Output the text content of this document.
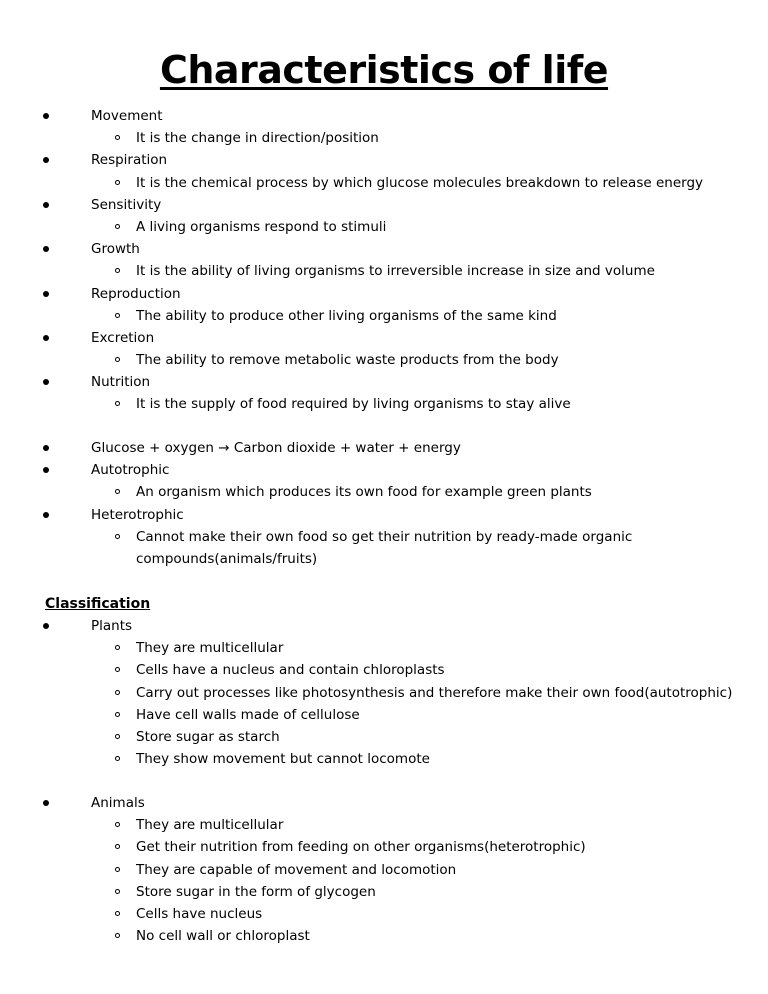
Characteristics of life
Movement
It is the change in direction/position
Respiration
It is the chemical process by which glucose molecules breakdown to release energy
Sensitivity
A living organisms respond to stimuli
Growth
It is the ability of living organisms to irreversible increase in size and volume
Reproduction
The ability to produce other living organisms of the same kind
Excretion
The ability to remove metabolic waste products from the body
Nutrition
It is the supply of food required by living organisms to stay alive
Glucose + oxygen → Carbon dioxide + water + energy
Autotrophic
An organism which produces its own food for example green plants
Heterotrophic
Cannot make their own food so get their nutrition by ready-made organic
compounds(animals/fruits)
Classification
Plants
They are multicellular
Cells have a nucleus and contain chloroplasts
Carry out processes like photosynthesis and therefore make their own food(autotrophic)
Have cell walls made of cellulose
Store sugar as starch
They show movement but cannot locomote
Animals
They are multicellular
Get their nutrition from feeding on other organisms(heterotrophic)
They are capable of movement and locomotion
Store sugar in the form of glycogen
Cells have nucleus
No cell wall or chloroplast
